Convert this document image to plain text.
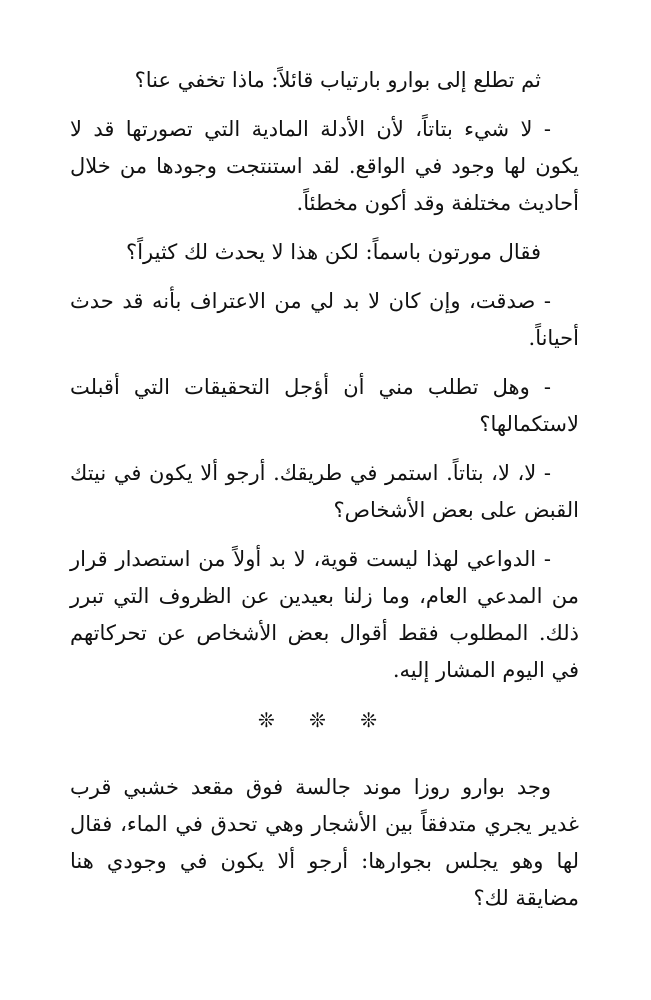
ثم تطلع إلى بوارو بارتياب قائلاً: ماذا تخفي عنا؟

- لا شيء بتاتاً، لأن الأدلة المادية التي تصورتها قد لا يكون لها وجود في الواقع. لقد استنتجت وجودها من خلال أحاديث مختلفة وقد أكون مخطئاً.

فقال مورتون باسماً: لكن هذا لا يحدث لك كثيراً؟

- صدقت، وإن كان لا بد لي من الاعتراف بأنه قد حدث أحياناً.

- وهل تطلب مني أن أؤجل التحقيقات التي أقبلت لاستكمالها؟

- لا، لا، بتاتاً. استمر في طريقك. أرجو ألا يكون في نيتك القبض على بعض الأشخاص؟

- الدواعي لهذا ليست قوية، لا بد أولاً من استصدار قرار من المدعي العام، وما زلنا بعيدين عن الظروف التي تبرر ذلك. المطلوب فقط أقوال بعض الأشخاص عن تحركاتهم في اليوم المشار إليه.

❊ ❊ ❊

وجد بوارو روزا موند جالسة فوق مقعد خشبي قرب غدير يجري متدفقاً بين الأشجار وهي تحدق في الماء، فقال لها وهو يجلس بجوارها: أرجو ألا يكون في وجودي هنا مضايقة لك؟
